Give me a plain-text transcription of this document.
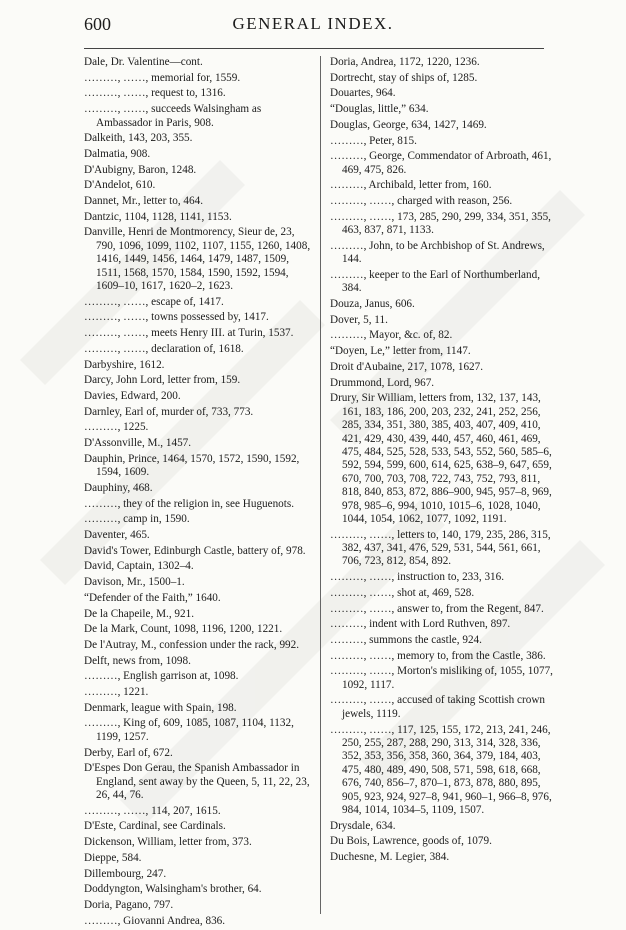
600	GENERAL INDEX.

Dale, Dr. Valentine—cont.

………, ……, memorial for, 1559.

………, ……, request to, 1316.

………, ……, succeeds Walsingham as Ambassador in Paris, 908.

Dalkeith, 143, 203, 355.

Dalmatia, 908.

D'Aubigny, Baron, 1248.

D'Andelot, 610.

Dannet, Mr., letter to, 464.

Dantzic, 1104, 1128, 1141, 1153.

Danville, Henri de Montmorency, Sieur de, 23, 790, 1096, 1099, 1102, 1107, 1155, 1260, 1408, 1416, 1449, 1456, 1464, 1479, 1487, 1509, 1511, 1568, 1570, 1584, 1590, 1592, 1594, 1609–10, 1617, 1620–2, 1623.

………, ……, escape of, 1417.

………, ……, towns possessed by, 1417.

………, ……, meets Henry III. at Turin, 1537.

………, ……, declaration of, 1618.

Darbyshire, 1612.

Darcy, John Lord, letter from, 159.

Davies, Edward, 200.

Darnley, Earl of, murder of, 733, 773.

………, 1225.

D'Assonville, M., 1457.

Dauphin, Prince, 1464, 1570, 1572, 1590, 1592, 1594, 1609.

Dauphiny, 468.

………, they of the religion in, see Huguenots.

………, camp in, 1590.

Daventer, 465.

David's Tower, Edinburgh Castle, battery of, 978.

David, Captain, 1302–4.

Davison, Mr., 1500–1.

“Defender of the Faith,” 1640.

De la Chapeile, M., 921.

De la Mark, Count, 1098, 1196, 1200, 1221.

De l'Autray, M., confession under the rack, 992.

Delft, news from, 1098.

………, English garrison at, 1098.

………, 1221.

Denmark, league with Spain, 198.

………, King of, 609, 1085, 1087, 1104, 1132, 1199, 1257.

Derby, Earl of, 672.

D'Espes Don Gerau, the Spanish Ambassador in England, sent away by the Queen, 5, 11, 22, 23, 26, 44, 76.

………, ……, 114, 207, 1615.

D'Este, Cardinal, see Cardinals.

Dickenson, William, letter from, 373.

Dieppe, 584.

Dillembourg, 247.

Doddyngton, Walsingham's brother, 64.

Doria, Pagano, 797.

………, Giovanni Andrea, 836.

Doria, Andrea, 1172, 1220, 1236.

Dortrecht, stay of ships of, 1285.

Douartes, 964.

“Douglas, little,” 634.

Douglas, George, 634, 1427, 1469.

………, Peter, 815.

………, George, Commendator of Arbroath, 461, 469, 475, 826.

………, Archibald, letter from, 160.

………, ……, charged with reason, 256.

………, ……, 173, 285, 290, 299, 334, 351, 355, 463, 837, 871, 1133.

………, John, to be Archbishop of St. Andrews, 144.

………, keeper to the Earl of Northumberland, 384.

Douza, Janus, 606.

Dover, 5, 11.

………, Mayor, &c. of, 82.

“Doyen, Le,” letter from, 1147.

Droit d'Aubaine, 217, 1078, 1627.

Drummond, Lord, 967.

Drury, Sir William, letters from, 132, 137, 143, 161, 183, 186, 200, 203, 232, 241, 252, 256, 285, 334, 351, 380, 385, 403, 407, 409, 410, 421, 429, 430, 439, 440, 457, 460, 461, 469, 475, 484, 525, 528, 533, 543, 552, 560, 585–6, 592, 594, 599, 600, 614, 625, 638–9, 647, 659, 670, 700, 703, 708, 722, 743, 752, 793, 811, 818, 840, 853, 872, 886–900, 945, 957–8, 969, 978, 985–6, 994, 1010, 1015–6, 1028, 1040, 1044, 1054, 1062, 1077, 1092, 1191.

………, ……, letters to, 140, 179, 235, 286, 315, 382, 437, 341, 476, 529, 531, 544, 561, 661, 706, 723, 812, 854, 892.

………, ……, instruction to, 233, 316.

………, ……, shot at, 469, 528.

………, ……, answer to, from the Regent, 847.

………, indent with Lord Ruthven, 897.

………, summons the castle, 924.

………, ……, memory to, from the Castle, 386.

………, ……, Morton's misliking of, 1055, 1077, 1092, 1117.

………, ……, accused of taking Scottish crown jewels, 1119.

………, ……, 117, 125, 155, 172, 213, 241, 246, 250, 255, 287, 288, 290, 313, 314, 328, 336, 352, 353, 356, 358, 360, 364, 379, 184, 403, 475, 480, 489, 490, 508, 571, 598, 618, 668, 676, 740, 856–7, 870–1, 873, 878, 880, 895, 905, 923, 924, 927–8, 941, 960–1, 966–8, 976, 984, 1014, 1034–5, 1109, 1507.

Drysdale, 634.

Du Bois, Lawrence, goods of, 1079.

Duchesne, M. Legier, 384.
